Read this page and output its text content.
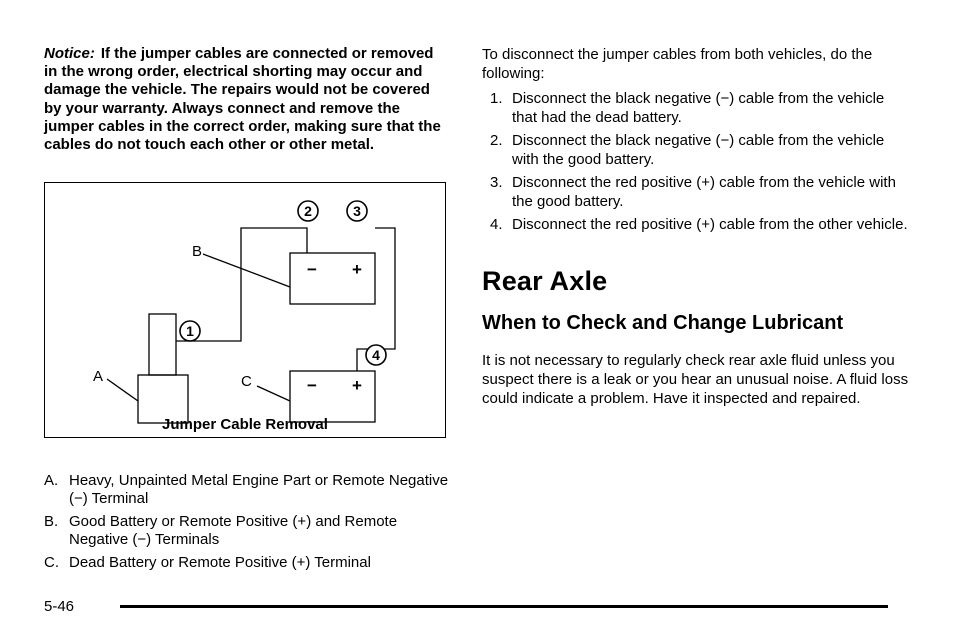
Notice: If the jumper cables are connected or removed in the wrong order, electrical shorting may occur and damage the vehicle. The repairs would not be covered by your warranty. Always connect and remove the jumper cables in the correct order, making sure that the cables do not touch each other or other metal.

− +
− +
B
A	C
1
2	3
4
Jumper Cable Removal
A. Heavy, Unpainted Metal Engine Part or Remote Negative (−) Terminal
B. Good Battery or Remote Positive (+) and Remote Negative (−) Terminals
C. Dead Battery or Remote Positive (+) Terminal

To disconnect the jumper cables from both vehicles, do the following:

1. Disconnect the black negative (−) cable from the vehicle that had the dead battery.
2. Disconnect the black negative (−) cable from the vehicle with the good battery.
3. Disconnect the red positive (+) cable from the vehicle with the good battery.
4. Disconnect the red positive (+) cable from the other vehicle.
Rear Axle
When to Check and Change Lubricant

It is not necessary to regularly check rear axle fluid unless you suspect there is a leak or you hear an unusual noise. A fluid loss could indicate a problem. Have it inspected and repaired.

5-46
